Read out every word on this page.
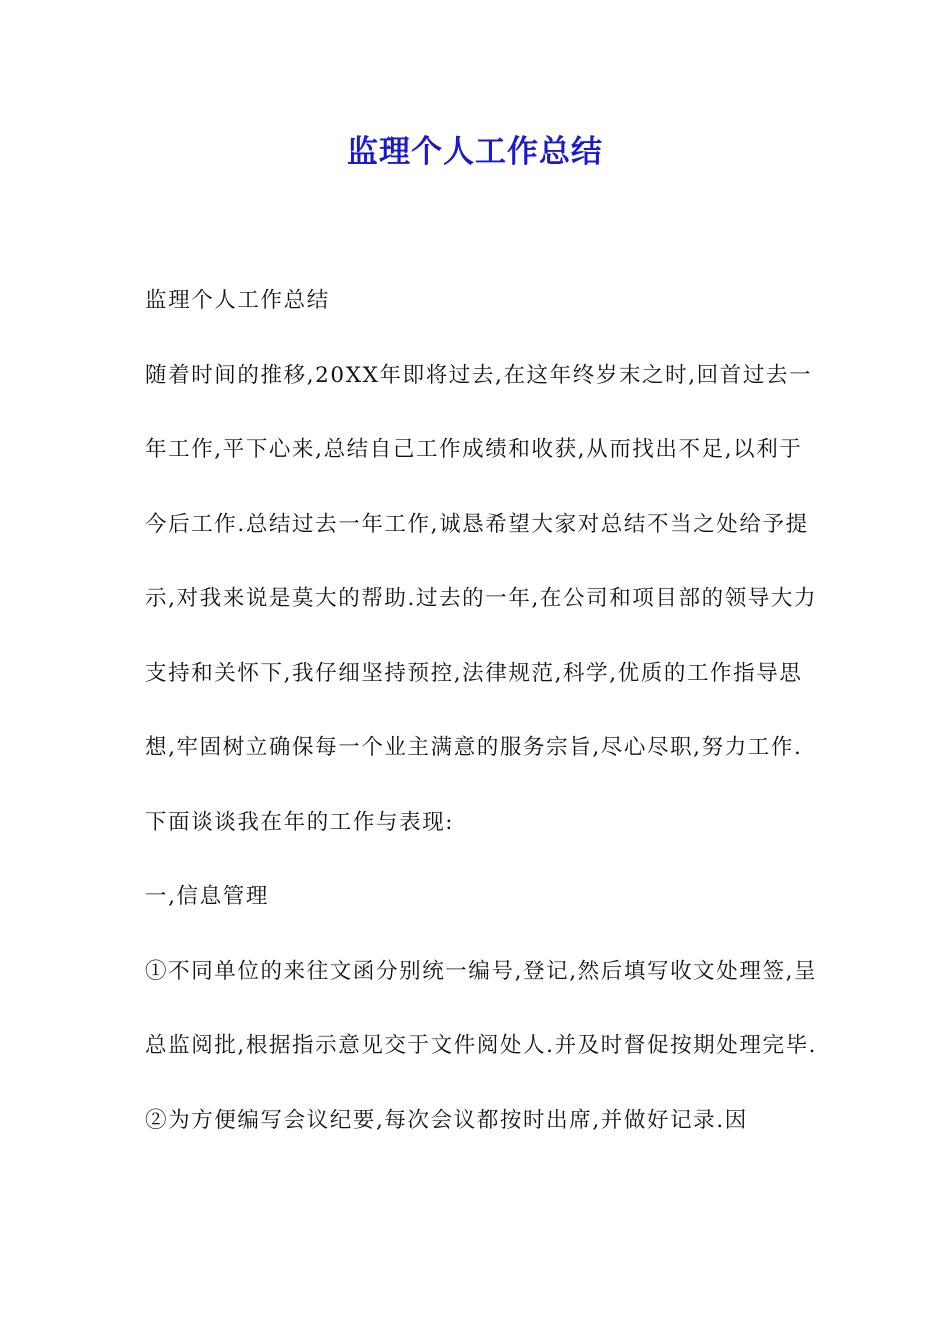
监理个人工作总结

监理个人工作总结

随着时间的推移,20XX年即将过去,在这年终岁末之时,回首过去一年工作,平下心来,总结自己工作成绩和收获,从而找出不足,以利于今后工作.总结过去一年工作,诚恳希望大家对总结不当之处给予提示,对我来说是莫大的帮助.过去的一年,在公司和项目部的领导大力支持和关怀下,我仔细坚持预控,法律规范,科学,优质的工作指导思想,牢固树立确保每一个业主满意的服务宗旨,尽心尽职,努力工作.下面谈谈我在年的工作与表现:

一,信息管理

①不同单位的来往文函分别统一编号,登记,然后填写收文处理签,呈总监阅批,根据指示意见交于文件阅处人.并及时督促按期处理完毕.

②为方便编写会议纪要,每次会议都按时出席,并做好记录.因
